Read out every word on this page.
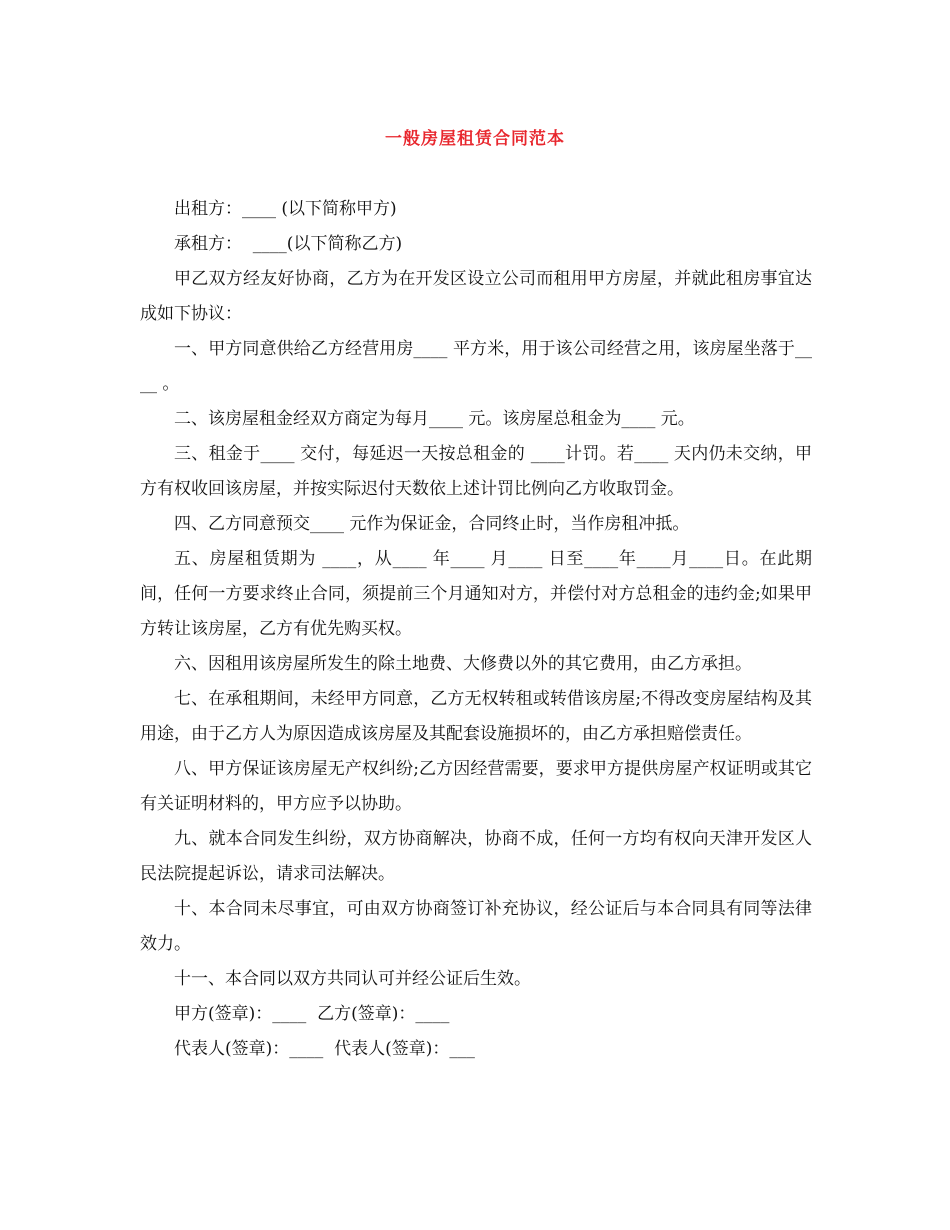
一般房屋租赁合同范本

出租方：____ (以下简称甲方)

承租方：  ____(以下简称乙方)

甲乙双方经友好协商，乙方为在开发区设立公司而租用甲方房屋，并就此租房事宜达成如下协议：

一、甲方同意供给乙方经营用房____ 平方米，用于该公司经营之用，该房屋坐落于____ 。

二、该房屋租金经双方商定为每月____ 元。该房屋总租金为____ 元。

三、租金于____ 交付，每延迟一天按总租金的 ____计罚。若____ 天内仍未交纳，甲方有权收回该房屋，并按实际迟付天数依上述计罚比例向乙方收取罚金。

四、乙方同意预交____ 元作为保证金，合同终止时，当作房租冲抵。

五、房屋租赁期为 ____，从____ 年____ 月____ 日至____年____月____日。在此期间，任何一方要求终止合同，须提前三个月通知对方，并偿付对方总租金的违约金;如果甲方转让该房屋，乙方有优先购买权。

六、因租用该房屋所发生的除土地费、大修费以外的其它费用，由乙方承担。

七、在承租期间，未经甲方同意，乙方无权转租或转借该房屋;不得改变房屋结构及其用途，由于乙方人为原因造成该房屋及其配套设施损坏的，由乙方承担赔偿责任。

八、甲方保证该房屋无产权纠纷;乙方因经营需要，要求甲方提供房屋产权证明或其它有关证明材料的，甲方应予以协助。

九、就本合同发生纠纷，双方协商解决，协商不成，任何一方均有权向天津开发区人民法院提起诉讼，请求司法解决。

十、本合同未尽事宜，可由双方协商签订补充协议，经公证后与本合同具有同等法律效力。

十一、本合同以双方共同认可并经公证后生效。

甲方(签章)：____  乙方(签章)：____

代表人(签章)：____  代表人(签章)：___
